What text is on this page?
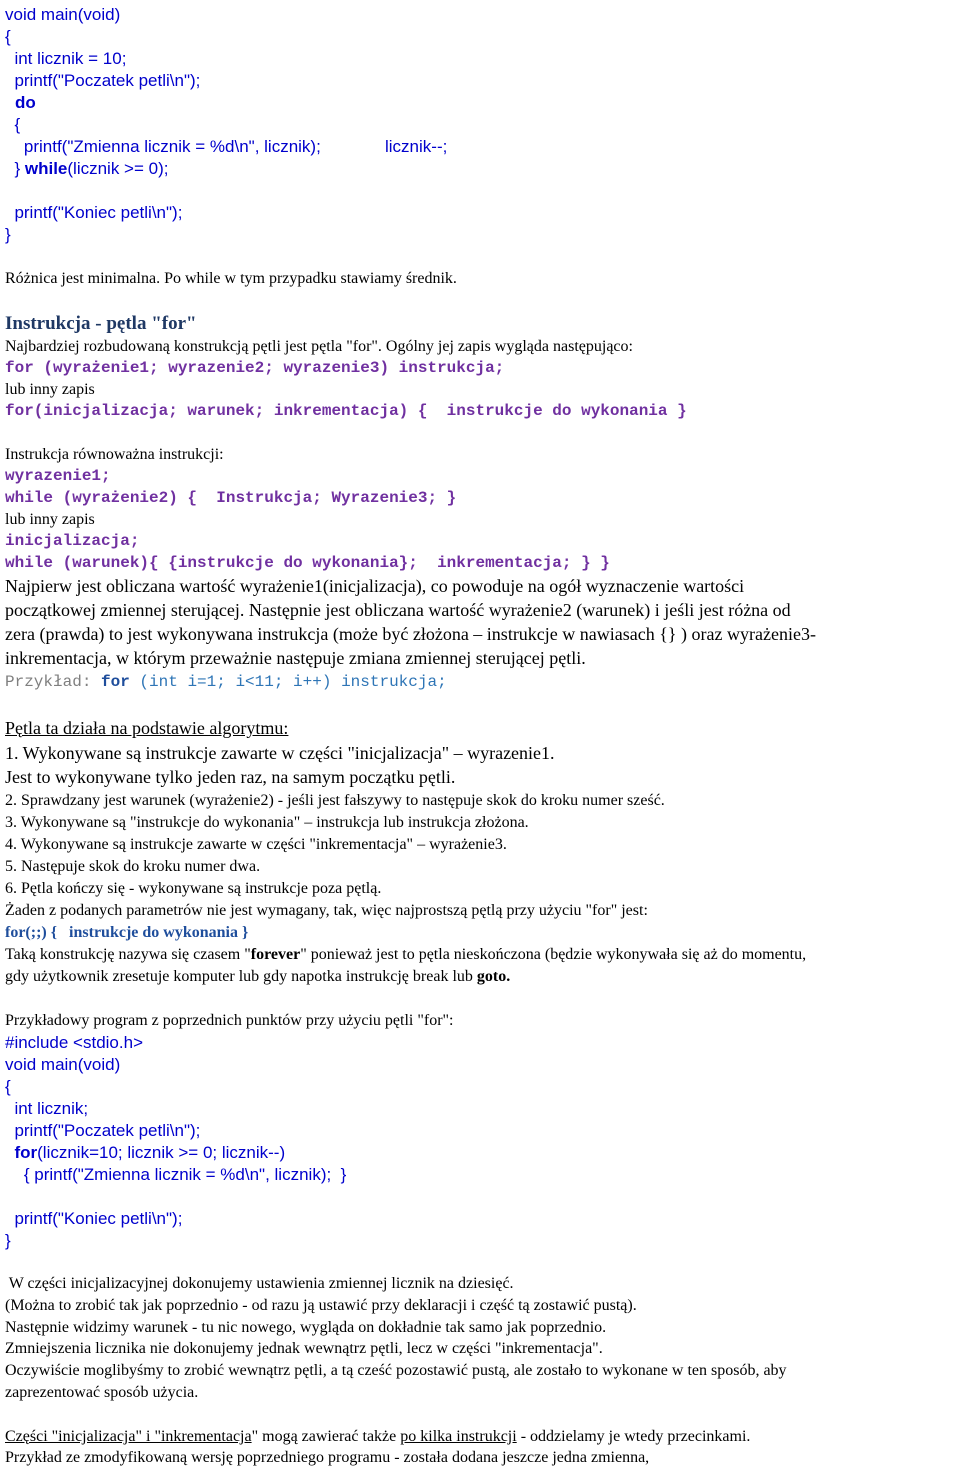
void main(void)
{
int licznik = 10;
printf("Poczatek petli\n");
do
{
printf("Zmienna licznik = %d\n", licznik);	licznik--;
} while(licznik >= 0);
printf("Koniec petli\n");
}
Różnica jest minimalna. Po while w tym przypadku stawiamy średnik.
Instrukcja - pętla "for"
Najbardziej rozbudowaną konstrukcją pętli jest pętla "for". Ogólny jej zapis wygląda następująco:
for (wyrażenie1; wyrazenie2; wyrazenie3) instrukcja;
lub inny zapis
for(inicjalizacja; warunek; inkrementacja) {  instrukcje do wykonania }
Instrukcja równoważna instrukcji:
wyrazenie1;
while (wyrażenie2) {  Instrukcja; Wyrazenie3; }
lub inny zapis
inicjalizacja;
while (warunek){ {instrukcje do wykonania};  inkrementacja; } }
Najpierw jest obliczana wartość wyrażenie1(inicjalizacja), co powoduje na ogół wyznaczenie wartości
początkowej zmiennej sterującej. Następnie jest obliczana wartość wyrażenie2 (warunek) i jeśli jest różna od
zera (prawda) to jest wykonywana instrukcja (może być złożona – instrukcje w nawiasach {} ) oraz wyrażenie3-
inkrementacja, w którym przeważnie następuje zmiana zmiennej sterującej pętli.
Przykład: for (int i=1; i<11; i++) instrukcja;
Pętla ta działa na podstawie algorytmu:
1. Wykonywane są instrukcje zawarte w części "inicjalizacja" – wyrazenie1.
Jest to wykonywane tylko jeden raz, na samym początku pętli.
2. Sprawdzany jest warunek (wyrażenie2) - jeśli jest fałszywy to następuje skok do kroku numer sześć.
3. Wykonywane są "instrukcje do wykonania" – instrukcja lub instrukcja złożona.
4. Wykonywane są instrukcje zawarte w części "inkrementacja" – wyrażenie3.
5. Następuje skok do kroku numer dwa.
6. Pętla kończy się - wykonywane są instrukcje poza pętlą.
Żaden z podanych parametrów nie jest wymagany, tak, więc najprostszą pętlą przy użyciu "for" jest:
for(;;) {   instrukcje do wykonania }
Taką konstrukcję nazywa się czasem "forever" ponieważ jest to pętla nieskończona (będzie wykonywała się aż do momentu,
gdy użytkownik zresetuje komputer lub gdy napotka instrukcję break lub goto.
Przykładowy program z poprzednich punktów przy użyciu pętli "for":
#include <stdio.h>
void main(void)
{
int licznik;
printf("Poczatek petli\n");
for(licznik=10; licznik >= 0; licznik--)
{ printf("Zmienna licznik = %d\n", licznik);  }
printf("Koniec petli\n");
}
W części inicjalizacyjnej dokonujemy ustawienia zmiennej licznik na dziesięć.
(Można to zrobić tak jak poprzednio - od razu ją ustawić przy deklaracji i część tą zostawić pustą).
Następnie widzimy warunek - tu nic nowego, wygląda on dokładnie tak samo jak poprzednio.
Zmniejszenia licznika nie dokonujemy jednak wewnątrz pętli, lecz w części "inkrementacja".
Oczywiście moglibyśmy to zrobić wewnątrz pętli, a tą cześć pozostawić pustą, ale zostało to wykonane w ten sposób, aby
zaprezentować sposób użycia.
Części "inicjalizacja" i "inkrementacja" mogą zawierać także po kilka instrukcji - oddzielamy je wtedy przecinkami.
Przykład ze zmodyfikowaną wersję poprzedniego programu - została dodana jeszcze jedna zmienna,
